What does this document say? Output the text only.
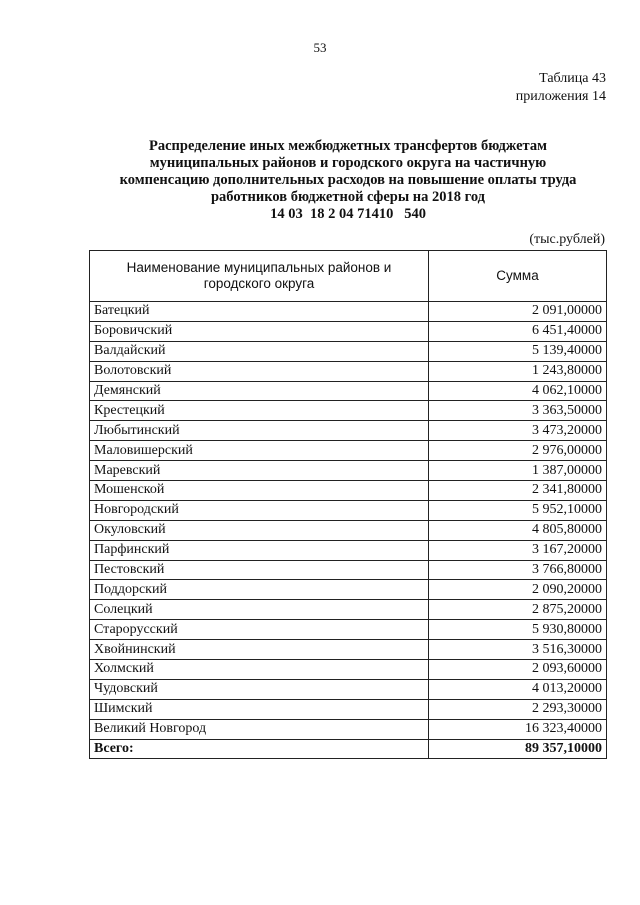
53
Таблица 43
приложения 14
Распределение иных межбюджетных трансфертов бюджетам
муниципальных районов и городского округа на частичную
компенсацию дополнительных расходов на повышение оплаты труда
работников бюджетной сферы на 2018 год
14 03  18 2 04 71410   540
(тыс.рублей)
Наименование муниципальных районов и городского округа	Сумма
Батецкий	2 091,00000
Боровичский	6 451,40000
Валдайский	5 139,40000
Волотовский	1 243,80000
Демянский	4 062,10000
Крестецкий	3 363,50000
Любытинский	3 473,20000
Маловишерский	2 976,00000
Маревский	1 387,00000
Мошенской	2 341,80000
Новгородский	5 952,10000
Окуловский	4 805,80000
Парфинский	3 167,20000
Пестовский	3 766,80000
Поддорский	2 090,20000
Солецкий	2 875,20000
Старорусский	5 930,80000
Хвойнинский	3 516,30000
Холмский	2 093,60000
Чудовский	4 013,20000
Шимский	2 293,30000
Великий Новгород	16 323,40000
Всего:	89 357,10000
